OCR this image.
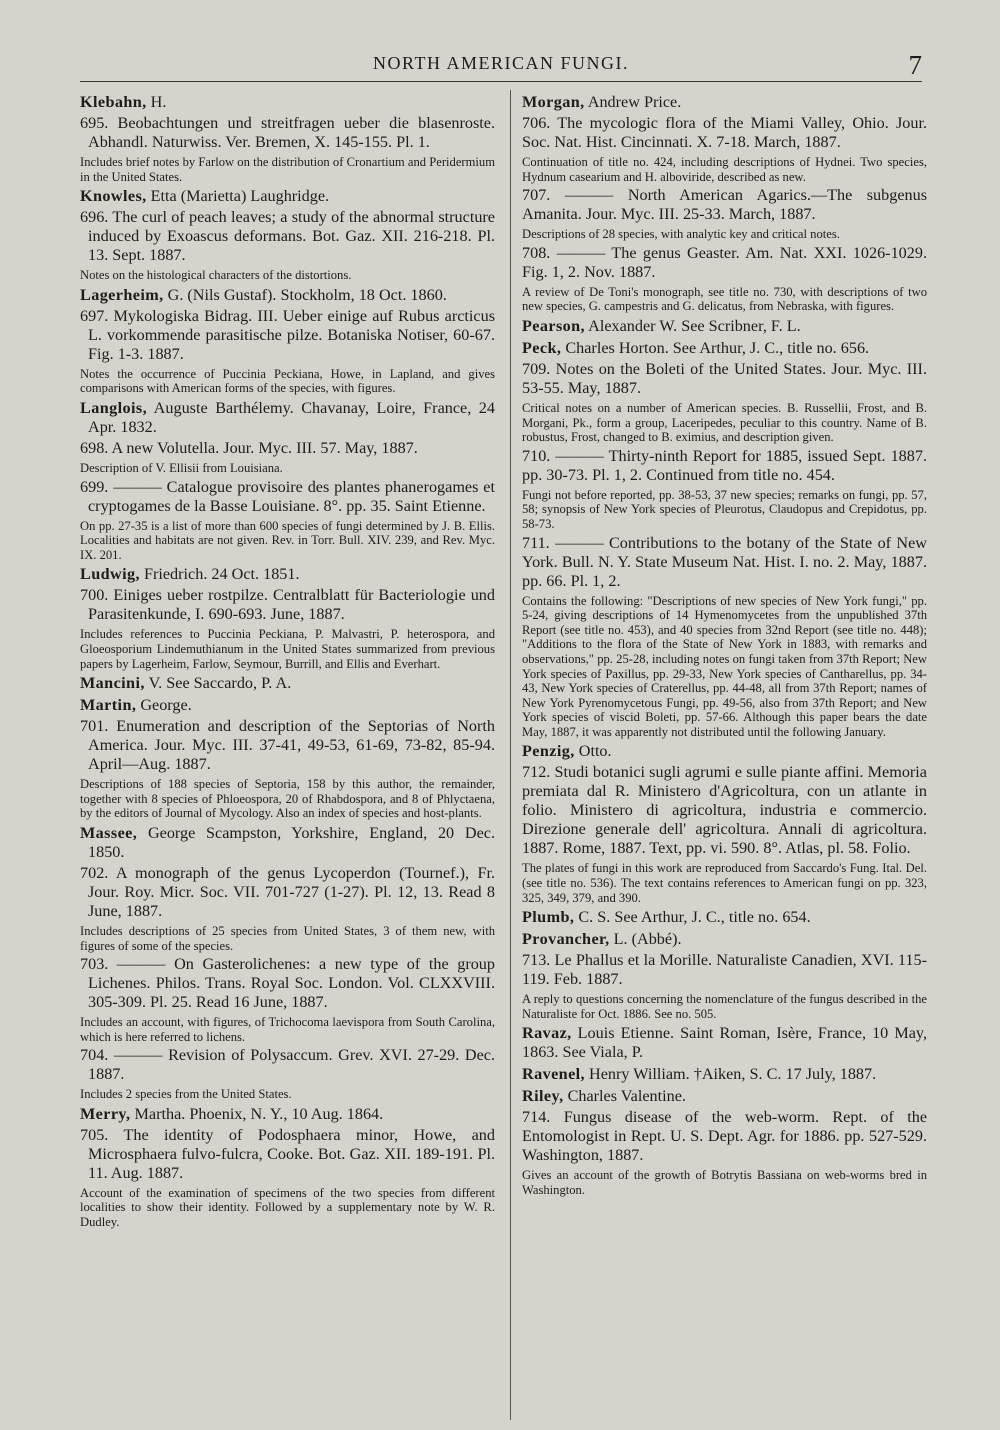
NORTH AMERICAN FUNGI.	7

Klebahn, H.

695. Beobachtungen und streitfragen ueber die blasenroste. Abhandl. Naturwiss. Ver. Bremen, X. 145-155. Pl. 1.

Includes brief notes by Farlow on the distribution of Cronartium and Peridermium in the United States.

Knowles, Etta (Marietta) Laughridge.

696. The curl of peach leaves; a study of the abnormal structure induced by Exoascus deformans. Bot. Gaz. XII. 216-218. Pl. 13. Sept. 1887.

Notes on the histological characters of the distortions.

Lagerheim, G. (Nils Gustaf). Stockholm, 18 Oct. 1860.

697. Mykologiska Bidrag. III. Ueber einige auf Rubus arcticus L. vorkommende parasitische pilze. Botaniska Notiser, 60-67. Fig. 1-3. 1887.

Notes the occurrence of Puccinia Peckiana, Howe, in Lapland, and gives comparisons with American forms of the species, with figures.

Langlois, Auguste Barthélemy. Chavanay, Loire, France, 24 Apr. 1832.

698. A new Volutella. Jour. Myc. III. 57. May, 1887.

Description of V. Ellisii from Louisiana.

699. ——— Catalogue provisoire des plantes phanerogames et cryptogames de la Basse Louisiane. 8°. pp. 35. Saint Etienne.

On pp. 27-35 is a list of more than 600 species of fungi determined by J. B. Ellis. Localities and habitats are not given. Rev. in Torr. Bull. XIV. 239, and Rev. Myc. IX. 201.

Ludwig, Friedrich. 24 Oct. 1851.

700. Einiges ueber rostpilze. Centralblatt für Bacteriologie und Parasitenkunde, I. 690-693. June, 1887.

Includes references to Puccinia Peckiana, P. Malvastri, P. heterospora, and Gloeosporium Lindemuthianum in the United States summarized from previous papers by Lagerheim, Farlow, Seymour, Burrill, and Ellis and Everhart.

Mancini, V. See Saccardo, P. A.

Martin, George.

701. Enumeration and description of the Septorias of North America. Jour. Myc. III. 37-41, 49-53, 61-69, 73-82, 85-94. April—Aug. 1887.

Descriptions of 188 species of Septoria, 158 by this author, the remainder, together with 8 species of Phloeospora, 20 of Rhabdospora, and 8 of Phlyctaena, by the editors of Journal of Mycology. Also an index of species and host-plants.

Massee, George Scampston, Yorkshire, England, 20 Dec. 1850.

702. A monograph of the genus Lycoperdon (Tournef.), Fr. Jour. Roy. Micr. Soc. VII. 701-727 (1-27). Pl. 12, 13. Read 8 June, 1887.

Includes descriptions of 25 species from United States, 3 of them new, with figures of some of the species.

703. ——— On Gasterolichenes: a new type of the group Lichenes. Philos. Trans. Royal Soc. London. Vol. CLXXVIII. 305-309. Pl. 25. Read 16 June, 1887.

Includes an account, with figures, of Trichocoma laevispora from South Carolina, which is here referred to lichens.

704. ——— Revision of Polysaccum. Grev. XVI. 27-29. Dec. 1887.

Includes 2 species from the United States.

Merry, Martha. Phoenix, N. Y., 10 Aug. 1864.

705. The identity of Podosphaera minor, Howe, and Microsphaera fulvo-fulcra, Cooke. Bot. Gaz. XII. 189-191. Pl. 11. Aug. 1887.

Account of the examination of specimens of the two species from different localities to show their identity. Followed by a supplementary note by W. R. Dudley.

Morgan, Andrew Price.

706. The mycologic flora of the Miami Valley, Ohio. Jour. Soc. Nat. Hist. Cincinnati. X. 7-18. March, 1887.

Continuation of title no. 424, including descriptions of Hydnei. Two species, Hydnum casearium and H. alboviride, described as new.

707. ——— North American Agarics.—The subgenus Amanita. Jour. Myc. III. 25-33. March, 1887.

Descriptions of 28 species, with analytic key and critical notes.

708. ——— The genus Geaster. Am. Nat. XXI. 1026-1029. Fig. 1, 2. Nov. 1887.

A review of De Toni's monograph, see title no. 730, with descriptions of two new species, G. campestris and G. delicatus, from Nebraska, with figures.

Pearson, Alexander W. See Scribner, F. L.

Peck, Charles Horton. See Arthur, J. C., title no. 656.

709. Notes on the Boleti of the United States. Jour. Myc. III. 53-55. May, 1887.

Critical notes on a number of American species. B. Russellii, Frost, and B. Morgani, Pk., form a group, Laceripedes, peculiar to this country. Name of B. robustus, Frost, changed to B. eximius, and description given.

710. ——— Thirty-ninth Report for 1885, issued Sept. 1887. pp. 30-73. Pl. 1, 2. Continued from title no. 454.

Fungi not before reported, pp. 38-53, 37 new species; remarks on fungi, pp. 57, 58; synopsis of New York species of Pleurotus, Claudopus and Crepidotus, pp. 58-73.

711. ——— Contributions to the botany of the State of New York. Bull. N. Y. State Museum Nat. Hist. I. no. 2. May, 1887. pp. 66. Pl. 1, 2.

Contains the following: "Descriptions of new species of New York fungi," pp. 5-24, giving descriptions of 14 Hymenomycetes from the unpublished 37th Report (see title no. 453), and 40 species from 32nd Report (see title no. 448); "Additions to the flora of the State of New York in 1883, with remarks and observations," pp. 25-28, including notes on fungi taken from 37th Report; New York species of Paxillus, pp. 29-33, New York species of Cantharellus, pp. 34-43, New York species of Craterellus, pp. 44-48, all from 37th Report; names of New York Pyrenomycetous Fungi, pp. 49-56, also from 37th Report; and New York species of viscid Boleti, pp. 57-66. Although this paper bears the date May, 1887, it was apparently not distributed until the following January.

Penzig, Otto.

712. Studi botanici sugli agrumi e sulle piante affini. Memoria premiata dal R. Ministero d'Agricoltura, con un atlante in folio. Ministero di agricoltura, industria e commercio. Direzione generale dell' agricoltura. Annali di agricoltura. 1887. Rome, 1887. Text, pp. vi. 590. 8°. Atlas, pl. 58. Folio.

The plates of fungi in this work are reproduced from Saccardo's Fung. Ital. Del. (see title no. 536). The text contains references to American fungi on pp. 323, 325, 349, 379, and 390.

Plumb, C. S. See Arthur, J. C., title no. 654.

Provancher, L. (Abbé).

713. Le Phallus et la Morille. Naturaliste Canadien, XVI. 115-119. Feb. 1887.

A reply to questions concerning the nomenclature of the fungus described in the Naturaliste for Oct. 1886. See no. 505.

Ravaz, Louis Etienne. Saint Roman, Isère, France, 10 May, 1863. See Viala, P.

Ravenel, Henry William. †Aiken, S. C. 17 July, 1887.

Riley, Charles Valentine.

714. Fungus disease of the web-worm. Rept. of the Entomologist in Rept. U. S. Dept. Agr. for 1886. pp. 527-529. Washington, 1887.

Gives an account of the growth of Botrytis Bassiana on web-worms bred in Washington.
